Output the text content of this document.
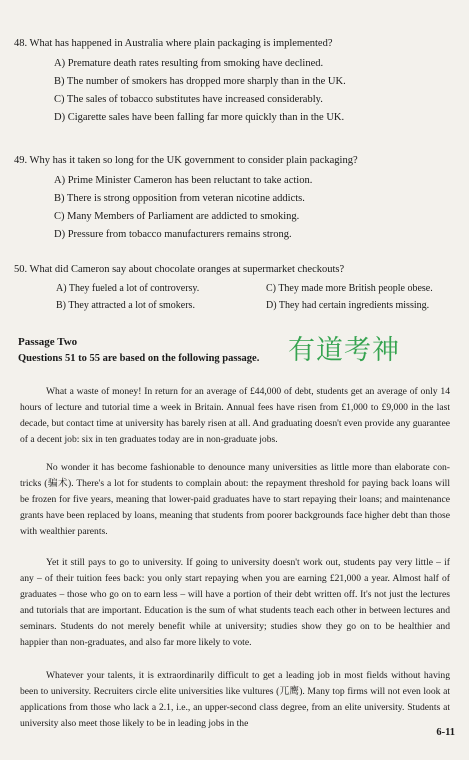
48. What has happened in Australia where plain packaging is implemented?
A) Premature death rates resulting from smoking have declined.
B) The number of smokers has dropped more sharply than in the UK.
C) The sales of tobacco substitutes have increased considerably.
D) Cigarette sales have been falling far more quickly than in the UK.
49. Why has it taken so long for the UK government to consider plain packaging?
A) Prime Minister Cameron has been reluctant to take action.
B) There is strong opposition from veteran nicotine addicts.
C) Many Members of Parliament are addicted to smoking.
D) Pressure from tobacco manufacturers remains strong.
50. What did Cameron say about chocolate oranges at supermarket checkouts?
A) They fueled a lot of controversy.	C) They made more British people obese.
B) They attracted a lot of smokers.	D) They had certain ingredients missing.
Passage Two
Questions 51 to 55 are based on the following passage. 有道考神

What a waste of money! In return for an average of £44,000 of debt, students get an average of only 14 hours of lecture and tutorial time a week in Britain. Annual fees have risen from £1,000 to £9,000 in the last decade, but contact time at university has barely risen at all. And graduating doesn't even provide any guarantee of a decent job: six in ten graduates today are in non-graduate jobs.

No wonder it has become fashionable to denounce many universities as little more than elaborate con-tricks (骗术). There's a lot for students to complain about: the repayment threshold for paying back loans will be frozen for five years, meaning that lower-paid graduates have to start repaying their loans; and maintenance grants have been replaced by loans, meaning that students from poorer backgrounds face higher debt than those with wealthier parents.

Yet it still pays to go to university. If going to university doesn't work out, students pay very little – if any – of their tuition fees back: you only start repaying when you are earning £21,000 a year. Almost half of graduates – those who go on to earn less – will have a portion of their debt written off. It's not just the lectures and tutorials that are important. Education is the sum of what students teach each other in between lectures and seminars. Students do not merely benefit while at university; studies show they go on to be healthier and happier than non-graduates, and also far more likely to vote.

Whatever your talents, it is extraordinarily difficult to get a leading job in most fields without having been to university. Recruiters circle elite universities like vultures (兀鹰). Many top firms will not even look at applications from those who lack a 2.1, i.e., an upper-second class degree, from an elite university. Students at university also meet those likely to be in leading jobs in the

6-11
